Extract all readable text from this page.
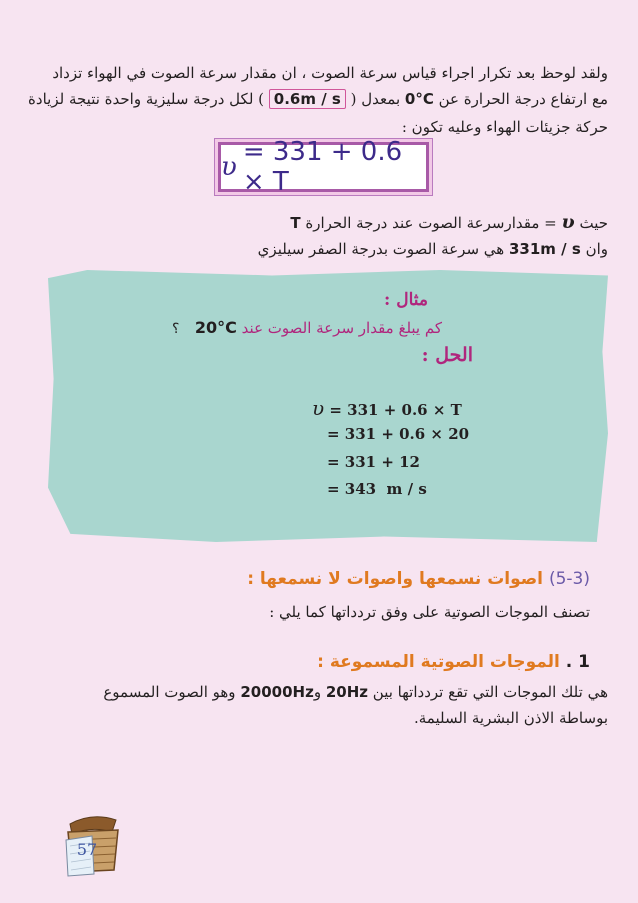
ولقد لوحظ بعد تكرار اجراء قياس سرعة الصوت ، ان مقدار سرعة الصوت في الهواء تزداد
مع ارتفاع درجة الحرارة عن 0°C بمعدل ( 0.6m / s ) لكل درجة سليزية واحدة نتيجة لزيادة
حركة جزيئات الهواء وعليه تكون :
υ = 331 + 0.6 × T
حيث υ = مقدارسرعة الصوت عند درجة الحرارة T
وان 331m / s هي سرعة الصوت بدرجة الصفر سيليزي
مثال :
كم يبلغ مقدار سرعة الصوت عند 20°C
؟
الحل :
υ = 331 + 0.6 × T
= 331 + 0.6 × 20
= 331 + 12
= 343  m / s
(5-3) اصوات نسمعها واصوات لا نسمعها :
تصنف الموجات الصوتية على وفق تردداتها كما يلي :
1 . الموجات الصوتية المسموعة :
هي تلك الموجات التي تقع تردداتها بين 20Hz و20000Hz وهو الصوت المسموع
بوساطة الاذن البشرية السليمة.
57
